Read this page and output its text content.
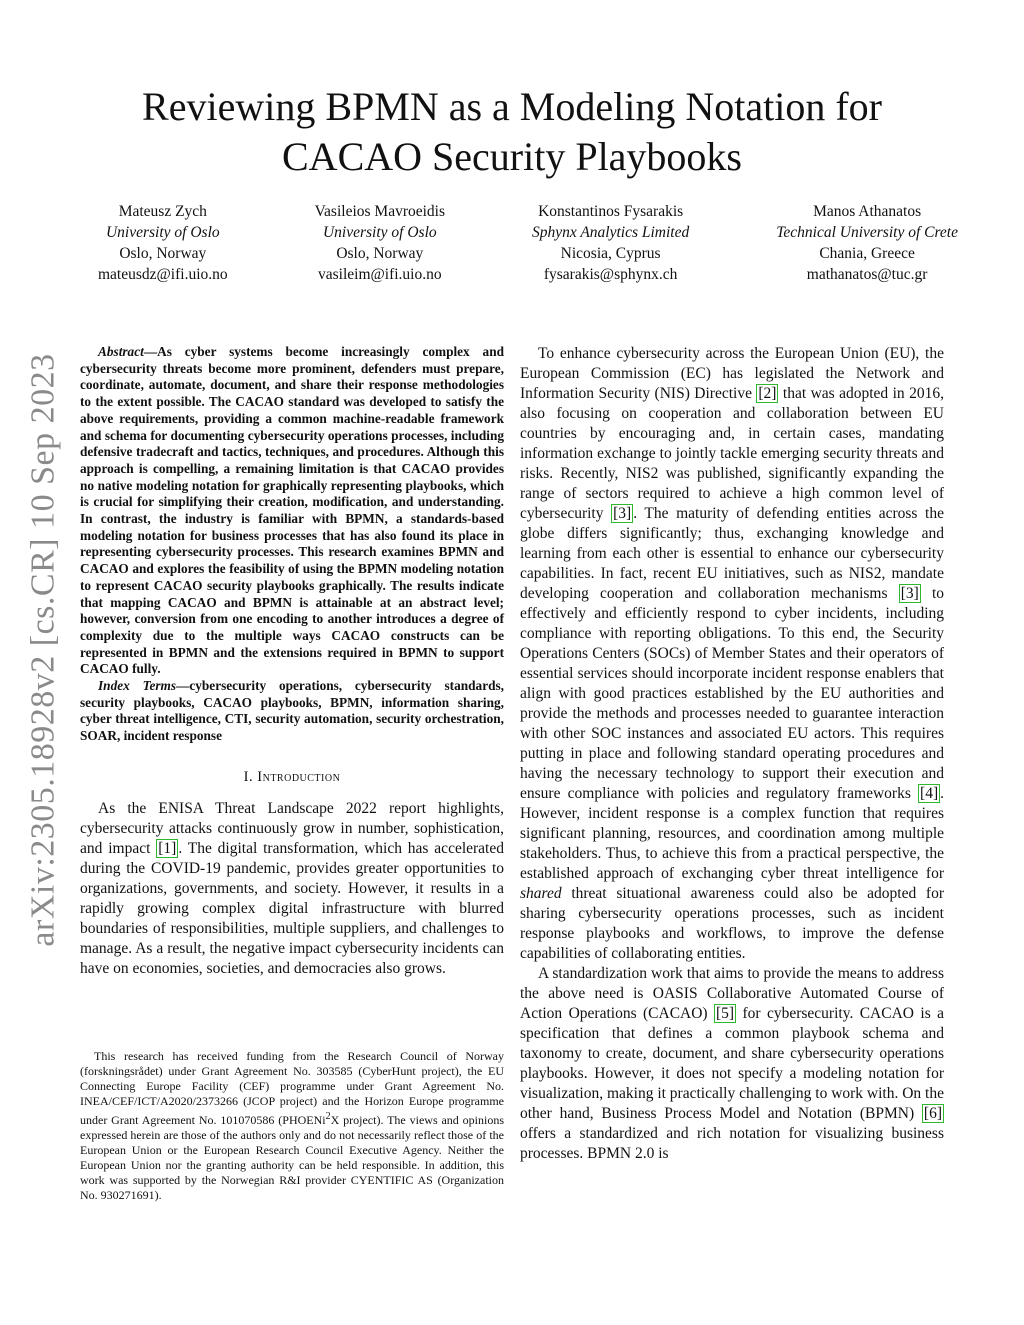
arXiv:2305.18928v2 [cs.CR] 10 Sep 2023
Reviewing BPMN as a Modeling Notation for
CACAO Security Playbooks
Mateusz Zych
University of Oslo
Oslo, Norway
mateusdz@ifi.uio.no
Vasileios Mavroeidis
University of Oslo
Oslo, Norway
vasileim@ifi.uio.no
Konstantinos Fysarakis
Sphynx Analytics Limited
Nicosia, Cyprus
fysarakis@sphynx.ch
Manos Athanatos
Technical University of Crete
Chania, Greece
mathanatos@tuc.gr

Abstract—As cyber systems become increasingly complex and cybersecurity threats become more prominent, defenders must prepare, coordinate, automate, document, and share their response methodologies to the extent possible. The CACAO standard was developed to satisfy the above requirements, providing a common machine-readable framework and schema for documenting cybersecurity operations processes, including defensive tradecraft and tactics, techniques, and procedures. Although this approach is compelling, a remaining limitation is that CACAO provides no native modeling notation for graphically representing playbooks, which is crucial for simplifying their creation, modification, and understanding. In contrast, the industry is familiar with BPMN, a standards-based modeling notation for business processes that has also found its place in representing cybersecurity processes. This research examines BPMN and CACAO and explores the feasibility of using the BPMN modeling notation to represent CACAO security playbooks graphically. The results indicate that mapping CACAO and BPMN is attainable at an abstract level; however, conversion from one encoding to another introduces a degree of complexity due to the multiple ways CACAO constructs can be represented in BPMN and the extensions required in BPMN to support CACAO fully.

Index Terms—cybersecurity operations, cybersecurity standards, security playbooks, CACAO playbooks, BPMN, information sharing, cyber threat intelligence, CTI, security automation, security orchestration, SOAR, incident response

I. Introduction

As the ENISA Threat Landscape 2022 report highlights, cybersecurity attacks continuously grow in number, sophistication, and impact [1] . The digital transformation, which has accelerated during the COVID-19 pandemic, provides greater opportunities to organizations, governments, and society. However, it results in a rapidly growing complex digital infrastructure with blurred boundaries of responsibilities, multiple suppliers, and challenges to manage. As a result, the negative impact cybersecurity incidents can have on economies, societies, and democracies also grows.

This research has received funding from the Research Council of Norway (forskningsrådet) under Grant Agreement No. 303585 (CyberHunt project), the EU Connecting Europe Facility (CEF) programme under Grant Agreement No. INEA/CEF/ICT/A2020/2373266 (JCOP project) and the Horizon Europe programme under Grant Agreement No. 101070586 (PHOENi$^2$X project). The views and opinions expressed herein are those of the authors only and do not necessarily reflect those of the European Union or the European Research Council Executive Agency. Neither the European Union nor the granting authority can be held responsible. In addition, this work was supported by the Norwegian R&I provider CYENTIFIC AS (Organization No. 930271691).

To enhance cybersecurity across the European Union (EU), the European Commission (EC) has legislated the Network and Information Security (NIS) Directive [2] that was adopted in 2016, also focusing on cooperation and collaboration between EU countries by encouraging and, in certain cases, mandating information exchange to jointly tackle emerging security threats and risks. Recently, NIS2 was published, significantly expanding the range of sectors required to achieve a high common level of cybersecurity [3] . The maturity of defending entities across the globe differs significantly; thus, exchanging knowledge and learning from each other is essential to enhance our cybersecurity capabilities. In fact, recent EU initiatives, such as NIS2, mandate developing cooperation and collaboration mechanisms [3] to effectively and efficiently respond to cyber incidents, including compliance with reporting obligations. To this end, the Security Operations Centers (SOCs) of Member States and their operators of essential services should incorporate incident response enablers that align with good practices established by the EU authorities and provide the methods and processes needed to guarantee interaction with other SOC instances and associated EU actors. This requires putting in place and following standard operating procedures and having the necessary technology to support their execution and ensure compliance with policies and regulatory frameworks [4] . However, incident response is a complex function that requires significant planning, resources, and coordination among multiple stakeholders. Thus, to achieve this from a practical perspective, the established approach of exchanging cyber threat intelligence for shared threat situational awareness could also be adopted for sharing cybersecurity operations processes, such as incident response playbooks and workflows, to improve the defense capabilities of collaborating entities.

A standardization work that aims to provide the means to address the above need is OASIS Collaborative Automated Course of Action Operations (CACAO) [5] for cybersecurity. CACAO is a specification that defines a common playbook schema and taxonomy to create, document, and share cybersecurity operations playbooks. However, it does not specify a modeling notation for visualization, making it practically challenging to work with. On the other hand, Business Process Model and Notation (BPMN) [6] offers a standardized and rich notation for visualizing business processes. BPMN 2.0 is
